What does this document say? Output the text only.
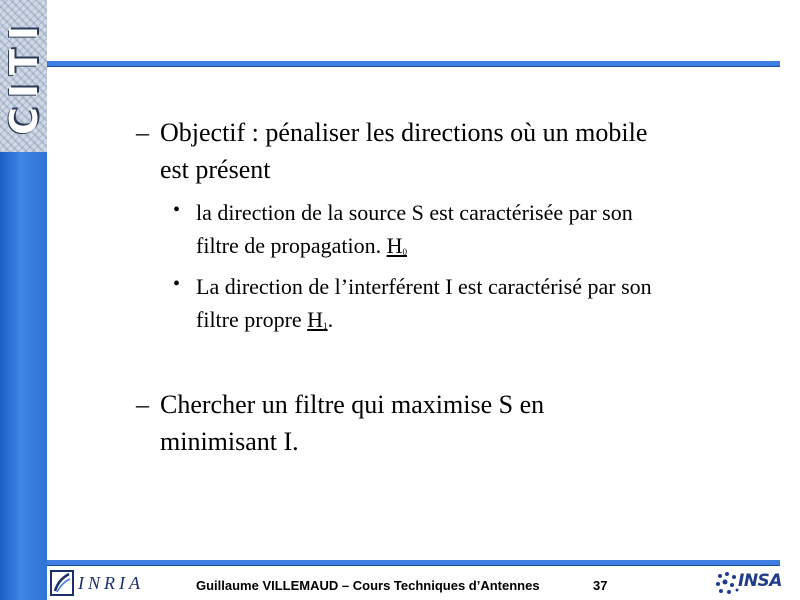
CITI	– Objectif : pénaliser les directions où un mobile
est présent
• la direction de la source S est caractérisée par son
filtre de propagation. $H_0$
• La direction de l’interférent I est caractérisé par son
filtre propre $H_1$.
– Chercher un filtre qui maximise S en
minimisant I.
INRIA	Guillaume VILLEMAUD – Cours Techniques d’Antennes	37	INSA
